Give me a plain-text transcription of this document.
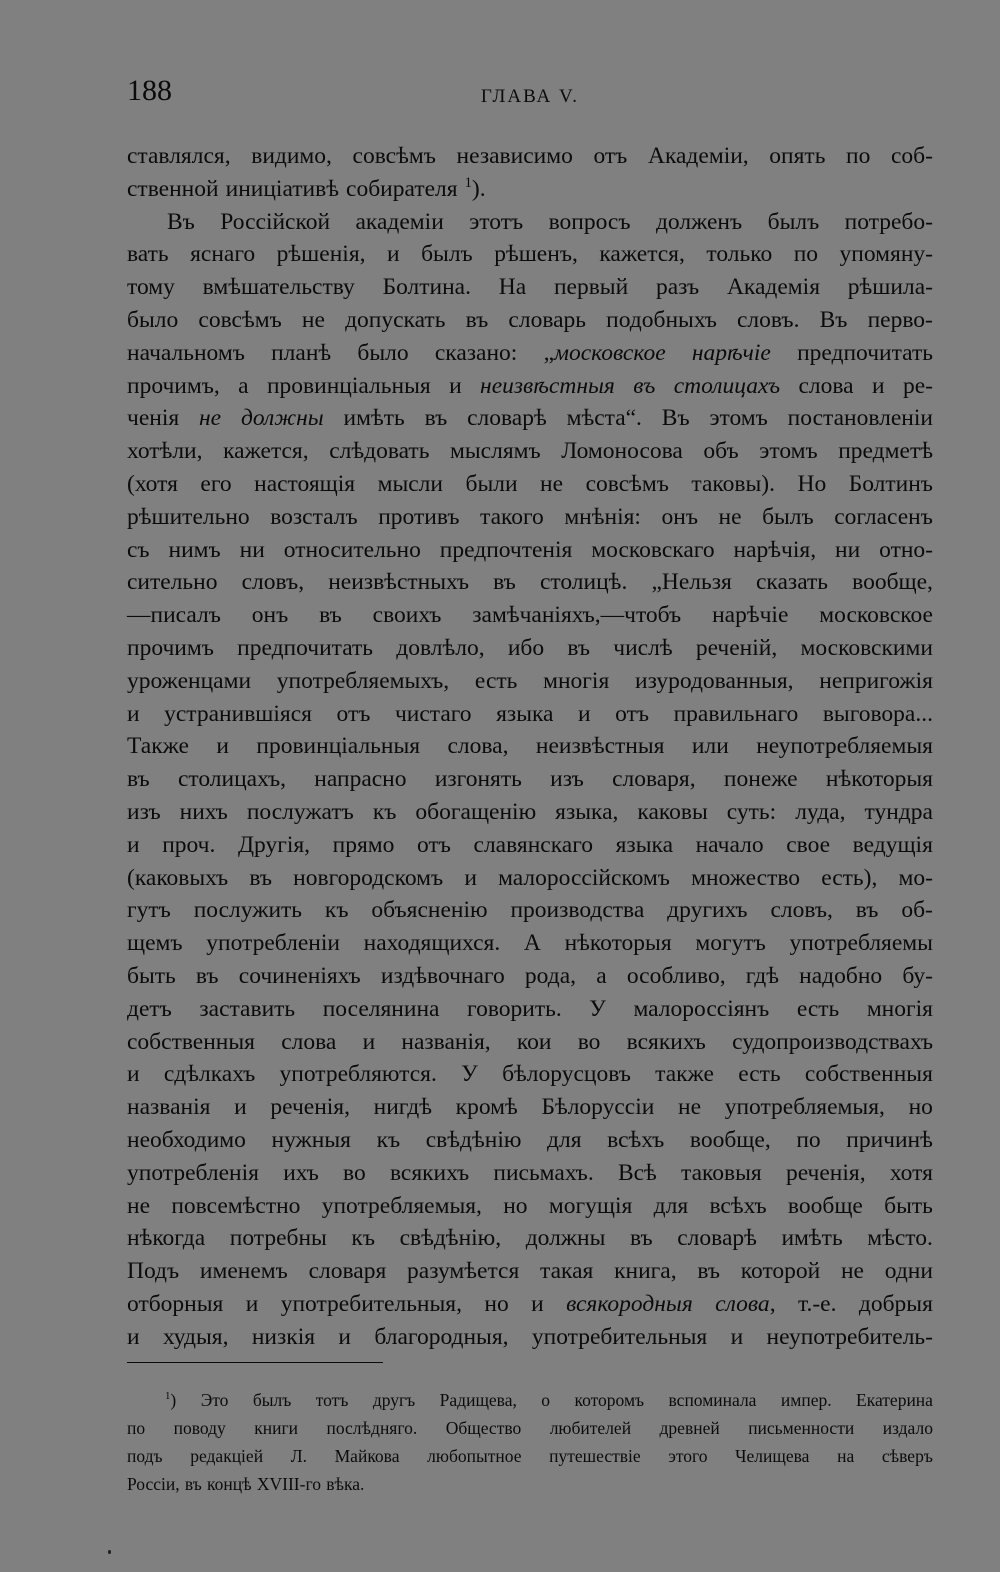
188	ГЛАВА V.
ставлялся, видимо, совсѣмъ независимо отъ Академіи, опять по соб-
ственной иниціативѣ собирателя $^1$).
Въ Россійской академіи этотъ вопросъ долженъ былъ потребо-
вать яснаго рѣшенія, и былъ рѣшенъ, кажется, только по упомяну-
тому вмѣшательству Болтина. На первый разъ Академія рѣшила-
было совсѣмъ не допускать въ словарь подобныхъ словъ. Въ перво-
начальномъ планѣ было сказано: „московское нарѣчіе предпочитать
прочимъ, а провинціальныя и неизвѣстныя въ столицахъ слова и ре-
ченія не должны имѣть въ словарѣ мѣста“. Въ этомъ постановленіи
хотѣли, кажется, слѣдовать мыслямъ Ломоносова объ этомъ предметѣ
(хотя его настоящія мысли были не совсѣмъ таковы). Но Болтинъ
рѣшительно возсталъ противъ такого мнѣнія: онъ не былъ согласенъ
съ нимъ ни относительно предпочтенія московскаго нарѣчія, ни отно-
сительно словъ, неизвѣстныхъ въ столицѣ. „Нельзя сказать вообще,
—писалъ онъ въ своихъ замѣчаніяхъ,—чтобъ нарѣчіе московское
прочимъ предпочитать довлѣло, ибо въ числѣ реченій, московскими
уроженцами употребляемыхъ, есть многія изуродованныя, непригожія
и устранившіяся отъ чистаго языка и отъ правильнаго выговора...
Также и провинціальныя слова, неизвѣстныя или неупотребляемыя
въ столицахъ, напрасно изгонять изъ словаря, понеже нѣкоторыя
изъ нихъ послужатъ къ обогащенію языка, каковы суть: луда, тундра
и проч. Другія, прямо отъ славянскаго языка начало свое ведущія
(каковыхъ въ новгородскомъ и малороссійскомъ множество есть), мо-
гутъ послужить къ объясненію производства другихъ словъ, въ об-
щемъ употребленіи находящихся. А нѣкоторыя могутъ употребляемы
быть въ сочиненіяхъ издѣвочнаго рода, а особливо, гдѣ надобно бу-
детъ заставить поселянина говорить. У малороссіянъ есть многія
собственныя слова и названія, кои во всякихъ судопроизводствахъ
и сдѣлкахъ употребляются. У бѣлорусцовъ также есть собственныя
названія и реченія, нигдѣ кромѣ Бѣлоруссіи не употребляемыя, но
необходимо нужныя къ свѣдѣнію для всѣхъ вообще, по причинѣ
употребленія ихъ во всякихъ письмахъ. Всѣ таковыя реченія, хотя
не повсемѣстно употребляемыя, но могущія для всѣхъ вообще быть
нѣкогда потребны къ свѣдѣнію, должны въ словарѣ имѣть мѣсто.
Подъ именемъ словаря разумѣется такая книга, въ которой не одни
отборныя и употребительныя, но и всякородныя слова, т.-е. добрыя
и худыя, низкія и благородныя, употребительныя и неупотребитель-
$^1$) Это былъ тотъ другъ Радищева, о которомъ вспоминала импер. Екатерина
по поводу книги послѣдняго. Общество любителей древней письменности издало
подъ редакціей Л. Майкова любопытное путешествіе этого Челищева на сѣверъ
Россіи, въ концѣ XVIII-го вѣка.
